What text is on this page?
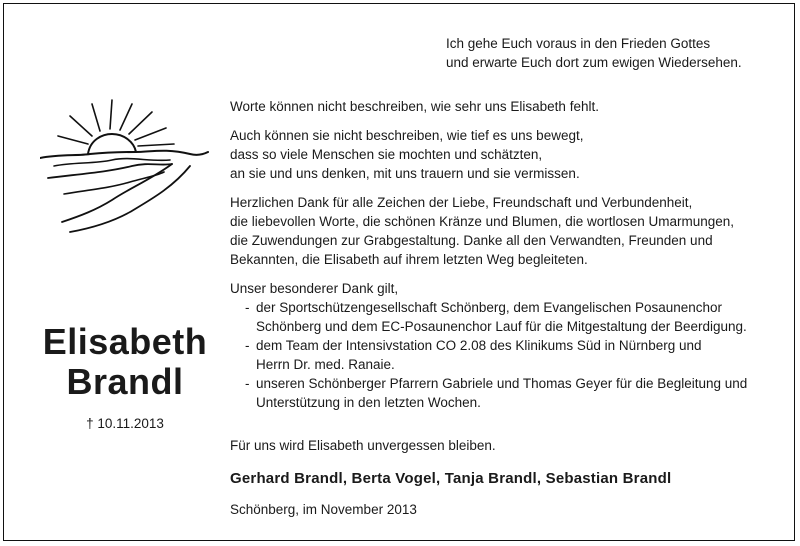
Ich gehe Euch voraus in den Frieden Gottes
und erwarte Euch dort zum ewigen Wiedersehen.
Elisabeth
Brandl
† 10.11.2013

Worte können nicht beschreiben, wie sehr uns Elisabeth fehlt.

Auch können sie nicht beschreiben, wie tief es uns bewegt,
dass so viele Menschen sie mochten und schätzten,
an sie und uns denken, mit uns trauern und sie vermissen.

Herzlichen Dank für alle Zeichen der Liebe, Freundschaft und Verbundenheit,
die liebevollen Worte, die schönen Kränze und Blumen, die wortlosen Umarmungen,
die Zuwendungen zur Grabgestaltung. Danke all den Verwandten, Freunden und
Bekannten, die Elisabeth auf ihrem letzten Weg begleiteten.

Unser besonderer Dank gilt,

- der Sportschützengesellschaft Schönberg, dem Evangelischen Posaunenchor
Schönberg und dem EC-Posaunenchor Lauf für die Mitgestaltung der Beerdigung.
- dem Team der Intensivstation CO 2.08 des Klinikums Süd in Nürnberg und
Herrn Dr. med. Ranaie.
- unseren Schönberger Pfarrern Gabriele und Thomas Geyer für die Begleitung und
Unterstützung in den letzten Wochen.

Für uns wird Elisabeth unvergessen bleiben.

Gerhard Brandl, Berta Vogel, Tanja Brandl, Sebastian Brandl

Schönberg, im November 2013
